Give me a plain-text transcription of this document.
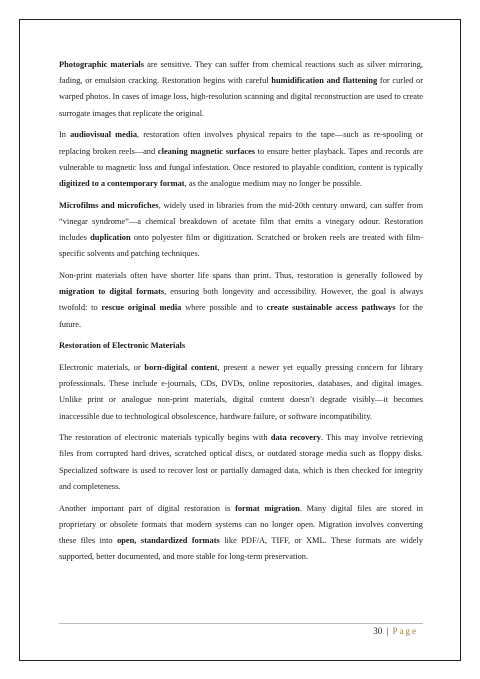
Photographic materials are sensitive. They can suffer from chemical reactions such as silver mirroring, fading, or emulsion cracking. Restoration begins with careful humidification and flattening for curled or warped photos. In cases of image loss, high-resolution scanning and digital reconstruction are used to create surrogate images that replicate the original.

In audiovisual media, restoration often involves physical repairs to the tape—such as re-spooling or replacing broken reels—and cleaning magnetic surfaces to ensure better playback. Tapes and records are vulnerable to magnetic loss and fungal infestation. Once restored to playable condition, content is typically digitized to a contemporary format, as the analogue medium may no longer be possible.

Microfilms and microfiches, widely used in libraries from the mid-20th century onward, can suffer from “vinegar syndrome”—a chemical breakdown of acetate film that emits a vinegary odour. Restoration includes duplication onto polyester film or digitization. Scratched or broken reels are treated with film-specific solvents and patching techniques.

Non-print materials often have shorter life spans than print. Thus, restoration is generally followed by migration to digital formats, ensuring both longevity and accessibility. However, the goal is always twofold: to rescue original media where possible and to create sustainable access pathways for the future.

Restoration of Electronic Materials

Electronic materials, or born-digital content, present a newer yet equally pressing concern for library professionals. These include e-journals, CDs, DVDs, online repositories, databases, and digital images. Unlike print or analogue non-print materials, digital content doesn’t degrade visibly—it becomes inaccessible due to technological obsolescence, hardware failure, or software incompatibility.

The restoration of electronic materials typically begins with data recovery. This may involve retrieving files from corrupted hard drives, scratched optical discs, or outdated storage media such as floppy disks. Specialized software is used to recover lost or partially damaged data, which is then checked for integrity and completeness.

Another important part of digital restoration is format migration. Many digital files are stored in proprietary or obsolete formats that modern systems can no longer open. Migration involves converting these files into open, standardized formats like PDF/A, TIFF, or XML. These formats are widely supported, better documented, and more stable for long-term preservation.

30 | Page
